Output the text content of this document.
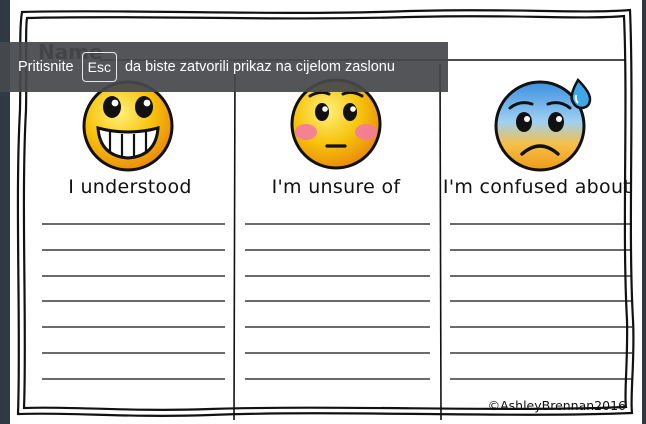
I understood	I'm unsure of	I'm confused about
©AshleyBrennan2016
Pritisnite	Esc da biste zatvorili prikaz na cijelom zaslonu
